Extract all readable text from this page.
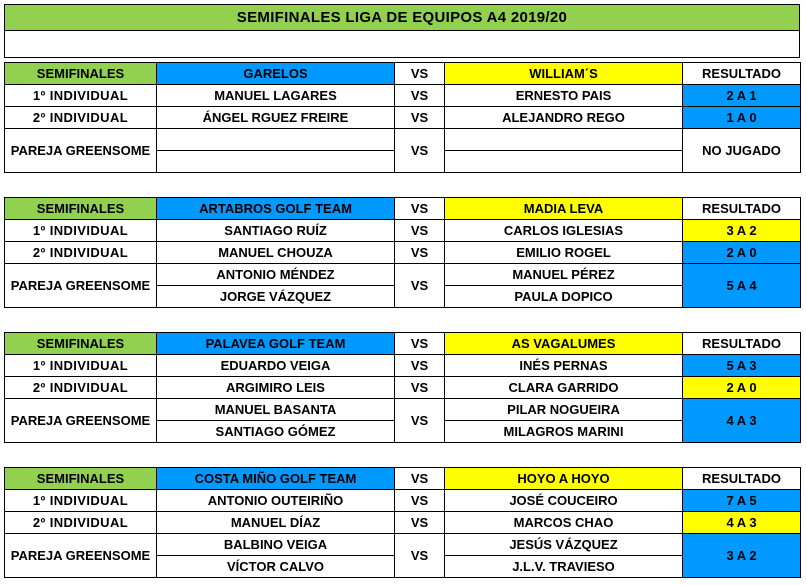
SEMIFINALES LIGA DE EQUIPOS A4 2019/20
SEMIFINALES	GARELOS	VS	WILLIAM´S	RESULTADO
1º INDIVIDUAL	MANUEL LAGARES	VS	ERNESTO PAIS	2 A 1
2º INDIVIDUAL	ÁNGEL RGUEZ FREIRE	VS	ALEJANDRO REGO	1 A 0
PAREJA GREENSOME		VS		NO JUGADO

SEMIFINALES	ARTABROS GOLF TEAM	VS	MADIA LEVA	RESULTADO
1º INDIVIDUAL	SANTIAGO RUÍZ	VS	CARLOS IGLESIAS	3 A 2
2º INDIVIDUAL	MANUEL CHOUZA	VS	EMILIO ROGEL	2 A 0
PAREJA GREENSOME	ANTONIO MÉNDEZ	VS	MANUEL PÉREZ	5 A 4
	JORGE VÁZQUEZ		PAULA DOPICO	
SEMIFINALES	PALAVEA GOLF TEAM	VS	AS VAGALUMES	RESULTADO
1º INDIVIDUAL	EDUARDO VEIGA	VS	INÉS PERNAS	5 A 3
2º INDIVIDUAL	ARGIMIRO LEIS	VS	CLARA GARRIDO	2 A 0
PAREJA GREENSOME	MANUEL BASANTA	VS	PILAR NOGUEIRA	4 A 3
	SANTIAGO GÓMEZ		MILAGROS MARINI	
SEMIFINALES	COSTA MIÑO GOLF TEAM	VS	HOYO A HOYO	RESULTADO
1º INDIVIDUAL	ANTONIO OUTEIRIÑO	VS	JOSÉ COUCEIRO	7 A 5
2º INDIVIDUAL	MANUEL DÍAZ	VS	MARCOS CHAO	4 A 3
PAREJA GREENSOME	BALBINO VEIGA	VS	JESÚS VÁZQUEZ	3 A 2
	VÍCTOR CALVO		J.L.V. TRAVIESO	
